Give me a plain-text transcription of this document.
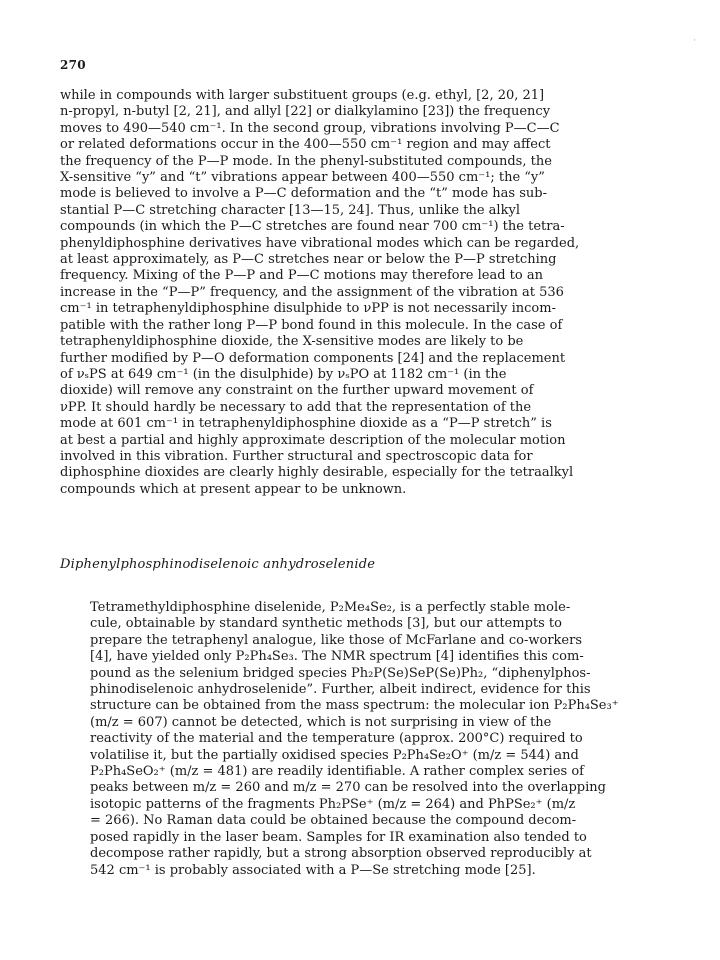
·
270
while in compounds with larger substituent groups (e.g. ethyl, [2, 20, 21]
n-propyl, n-butyl [2, 21], and allyl [22] or dialkylamino [23]) the frequency
moves to 490—540 cm⁻¹. In the second group, vibrations involving P—C—C
or related deformations occur in the 400—550 cm⁻¹ region and may affect
the frequency of the P—P mode. In the phenyl-substituted compounds, the
X-sensitive “y” and “t” vibrations appear between 400—550 cm⁻¹; the “y”
mode is believed to involve a P—C deformation and the “t” mode has sub-
stantial P—C stretching character [13—15, 24]. Thus, unlike the alkyl
compounds (in which the P—C stretches are found near 700 cm⁻¹) the tetra-
phenyldiphosphine derivatives have vibrational modes which can be regarded,
at least approximately, as P—C stretches near or below the P—P stretching
frequency. Mixing of the P—P and P—C motions may therefore lead to an
increase in the “P—P” frequency, and the assignment of the vibration at 536
cm⁻¹ in tetraphenyldiphosphine disulphide to νPP is not necessarily incom-
patible with the rather long P—P bond found in this molecule. In the case of
tetraphenyldiphosphine dioxide, the X-sensitive modes are likely to be
further modified by P—O deformation components [24] and the replacement
of νₛPS at 649 cm⁻¹ (in the disulphide) by νₛPO at 1182 cm⁻¹ (in the
dioxide) will remove any constraint on the further upward movement of
νPP. It should hardly be necessary to add that the representation of the
mode at 601 cm⁻¹ in tetraphenyldiphosphine dioxide as a “P—P stretch” is
at best a partial and highly approximate description of the molecular motion
involved in this vibration. Further structural and spectroscopic data for
diphosphine dioxides are clearly highly desirable, especially for the tetraalkyl
compounds which at present appear to be unknown.
Diphenylphosphinodiselenoic anhydroselenide
Tetramethyldiphosphine diselenide, P₂Me₄Se₂, is a perfectly stable mole-
cule, obtainable by standard synthetic methods [3], but our attempts to
prepare the tetraphenyl analogue, like those of McFarlane and co-workers
[4], have yielded only P₂Ph₄Se₃. The NMR spectrum [4] identifies this com-
pound as the selenium bridged species Ph₂P(Se)SeP(Se)Ph₂, “diphenylphos-
phinodiselenoic anhydroselenide”. Further, albeit indirect, evidence for this
structure can be obtained from the mass spectrum: the molecular ion P₂Ph₄Se₃⁺
(m/z = 607) cannot be detected, which is not surprising in view of the
reactivity of the material and the temperature (approx. 200°C) required to
volatilise it, but the partially oxidised species P₂Ph₄Se₂O⁺ (m/z = 544) and
P₂Ph₄SeO₂⁺ (m/z = 481) are readily identifiable. A rather complex series of
peaks between m/z = 260 and m/z = 270 can be resolved into the overlapping
isotopic patterns of the fragments Ph₂PSe⁺ (m/z = 264) and PhPSe₂⁺ (m/z
= 266). No Raman data could be obtained because the compound decom-
posed rapidly in the laser beam. Samples for IR examination also tended to
decompose rather rapidly, but a strong absorption observed reproducibly at
542 cm⁻¹ is probably associated with a P—Se stretching mode [25].
